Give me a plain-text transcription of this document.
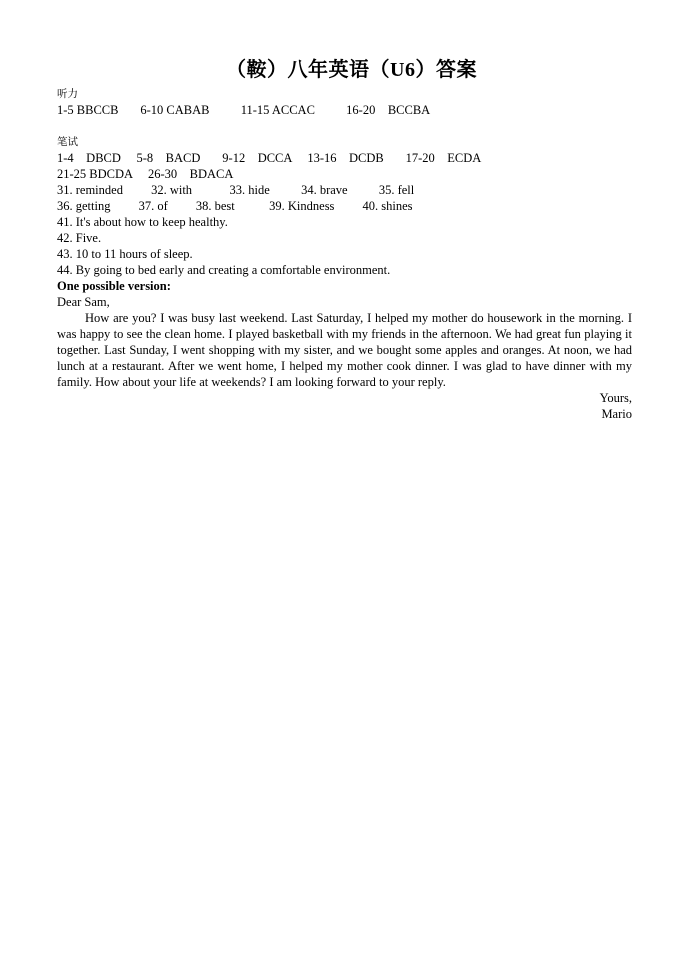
（鞍）八年英语（U6）答案
听力
1-5 BBCCB       6-10 CABAB          11-15 ACCAC          16-20    BCCBA
笔试
1-4    DBCD     5-8    BACD       9-12    DCCA     13-16    DCDB       17-20    ECDA
21-25 BDCDA     26-30    BDACA
31. reminded         32. with            33. hide          34. brave          35. fell
36. getting         37. of         38. best           39. Kindness         40. shines
41. It's about how to keep healthy.
42. Five.
43. 10 to 11 hours of sleep.
44. By going to bed early and creating a comfortable environment.
One possible version:
Dear Sam,

How are you? I was busy last weekend. Last Saturday, I helped my mother do housework in the morning. I was happy to see the clean home. I played basketball with my friends in the afternoon. We had great fun playing it together. Last Sunday, I went shopping with my sister, and we bought some apples and oranges. At noon, we had lunch at a restaurant. After we went home, I helped my mother cook dinner. I was glad to have dinner with my family. How about your life at weekends? I am looking forward to your reply.

Yours,
Mario
